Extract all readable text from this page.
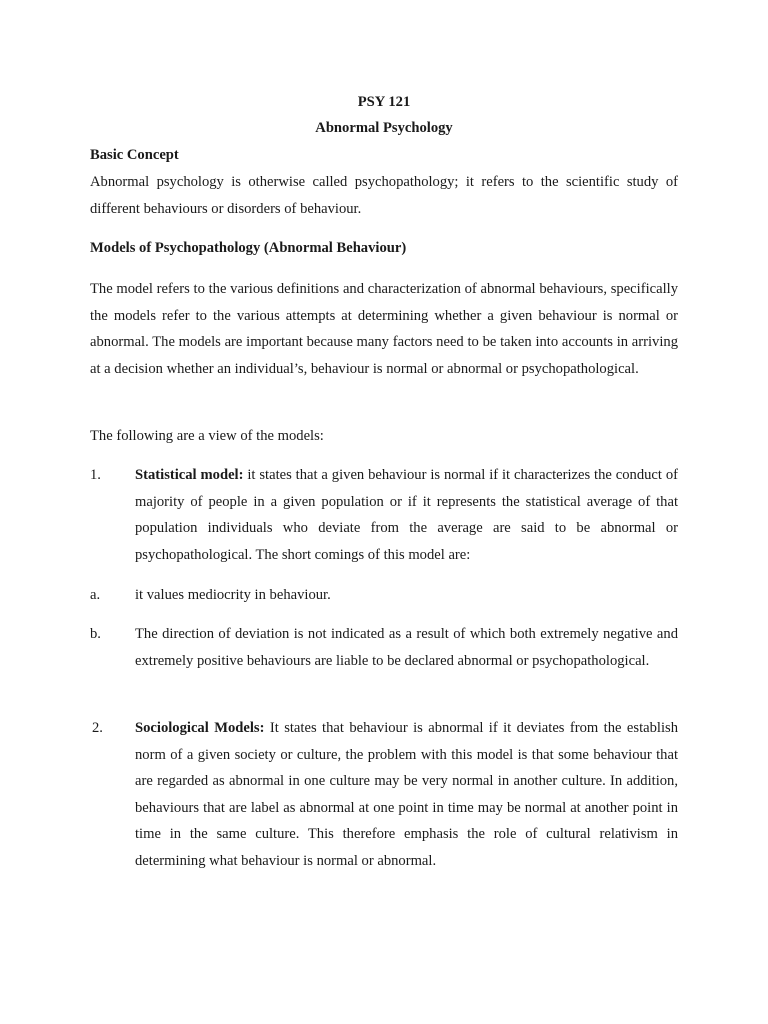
PSY 121
Abnormal Psychology
Basic Concept
Abnormal psychology is otherwise called psychopathology; it refers to the scientific study of different behaviours or disorders of behaviour.
Models of Psychopathology (Abnormal Behaviour)
The model refers to the various definitions and characterization of abnormal behaviours, specifically the models refer to the various attempts at determining whether a given behaviour is normal or abnormal. The models are important because many factors need to be taken into accounts in arriving at a decision whether an individual’s, behaviour is normal or abnormal or psychopathological.
The following are a view of the models:
1. Statistical model: it states that a given behaviour is normal if it characterizes the conduct of majority of people in a given population or if it represents the statistical average of that population individuals who deviate from the average are said to be abnormal or psychopathological. The short comings of this model are:
a. it values mediocrity in behaviour.
b. The direction of deviation is not indicated as a result of which both extremely negative and extremely positive behaviours are liable to be declared abnormal or psychopathological.
2. Sociological Models: It states that behaviour is abnormal if it deviates from the establish norm of a given society or culture, the problem with this model is that some behaviour that are regarded as abnormal in one culture may be very normal in another culture. In addition, behaviours that are label as abnormal at one point in time may be normal at another point in time in the same culture. This therefore emphasis the role of cultural relativism in determining what behaviour is normal or abnormal.
